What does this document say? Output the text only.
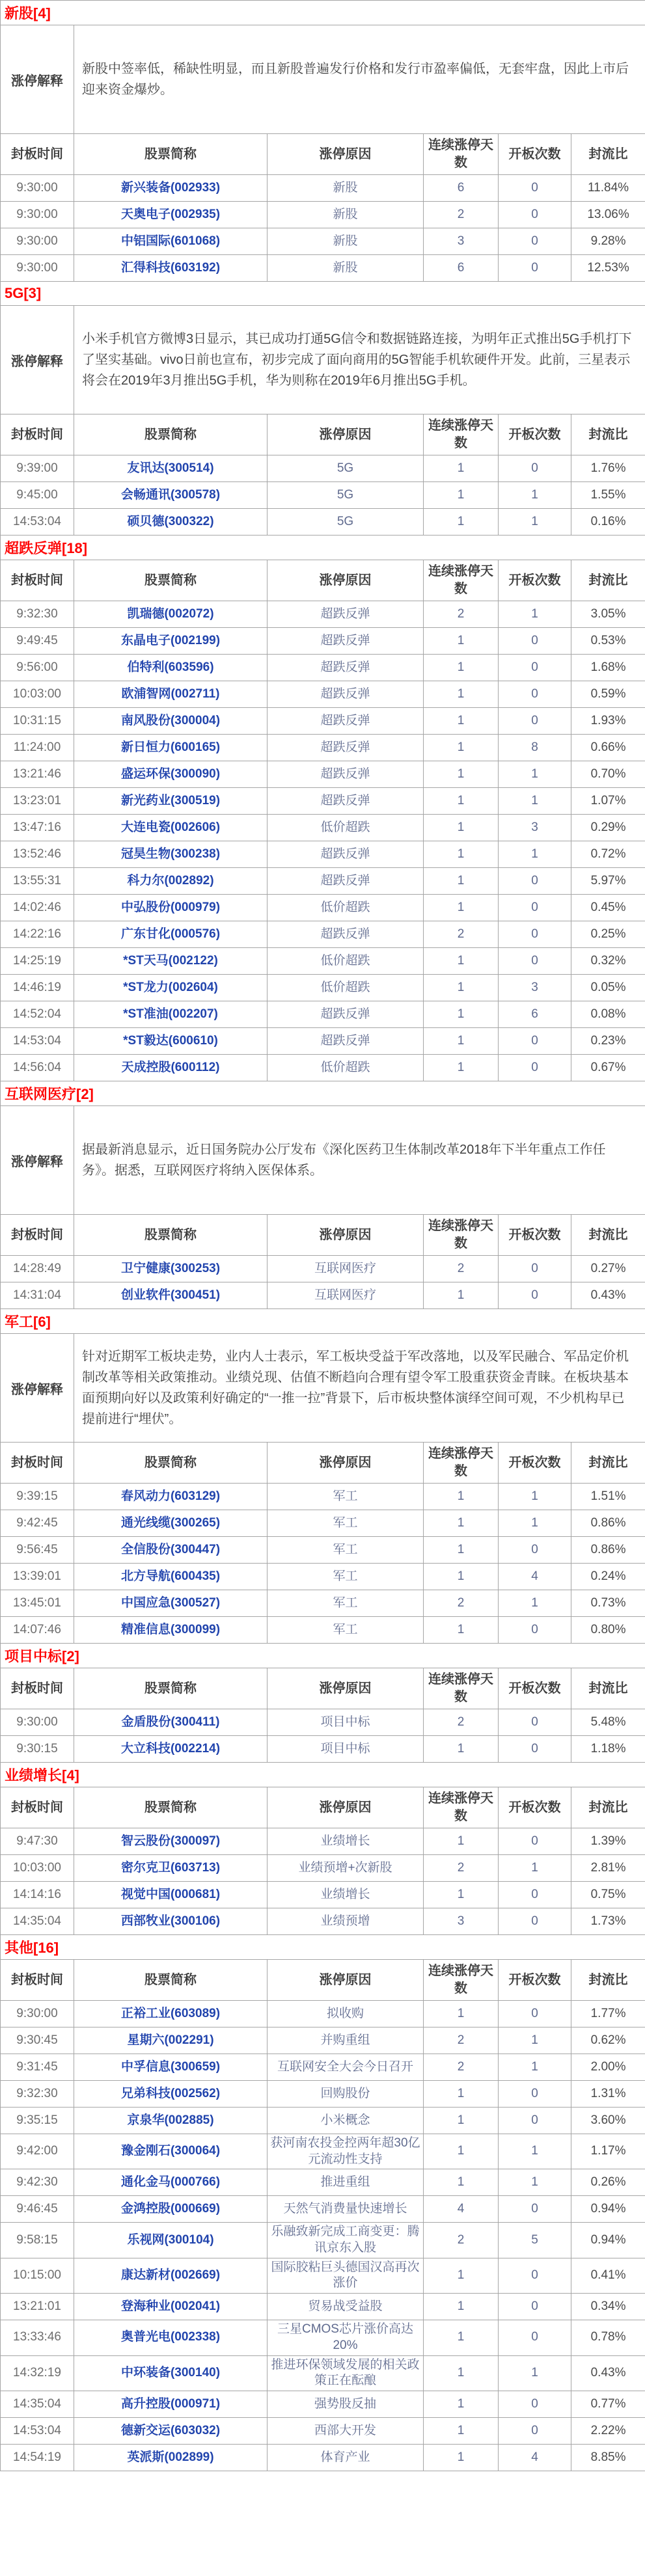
新股[4]					
涨停解释	新股中签率低，稀缺性明显，而且新股普遍发行价格和发行市盈率偏低，无套牢盘，因此上市后迎来资金爆炒。				
封板时间	股票简称	涨停原因	连续涨停天数	开板次数	封流比
9:30:00	新兴装备(002933)	新股	6	0	11.84%
9:30:00	天奥电子(002935)	新股	2	0	13.06%
9:30:00	中铝国际(601068)	新股	3	0	9.28%
9:30:00	汇得科技(603192)	新股	6	0	12.53%
5G[3]					
涨停解释	小米手机官方微博3日显示，其已成功打通5G信令和数据链路连接，为明年正式推出5G手机打下了坚实基础。vivo日前也宣布，初步完成了面向商用的5G智能手机软硬件开发。此前，三星表示将会在2019年3月推出5G手机，华为则称在2019年6月推出5G手机。				
封板时间	股票简称	涨停原因	连续涨停天数	开板次数	封流比
9:39:00	友讯达(300514)	5G	1	0	1.76%
9:45:00	会畅通讯(300578)	5G	1	1	1.55%
14:53:04	硕贝德(300322)	5G	1	1	0.16%
超跌反弹[18]					
封板时间	股票简称	涨停原因	连续涨停天数	开板次数	封流比
9:32:30	凯瑞德(002072)	超跌反弹	2	1	3.05%
9:49:45	东晶电子(002199)	超跌反弹	1	0	0.53%
9:56:00	伯特利(603596)	超跌反弹	1	0	1.68%
10:03:00	欧浦智网(002711)	超跌反弹	1	0	0.59%
10:31:15	南风股份(300004)	超跌反弹	1	0	1.93%
11:24:00	新日恒力(600165)	超跌反弹	1	8	0.66%
13:21:46	盛运环保(300090)	超跌反弹	1	1	0.70%
13:23:01	新光药业(300519)	超跌反弹	1	1	1.07%
13:47:16	大连电瓷(002606)	低价超跌	1	3	0.29%
13:52:46	冠昊生物(300238)	超跌反弹	1	1	0.72%
13:55:31	科力尔(002892)	超跌反弹	1	0	5.97%
14:02:46	中弘股份(000979)	低价超跌	1	0	0.45%
14:22:16	广东甘化(000576)	超跌反弹	2	0	0.25%
14:25:19	*ST天马(002122)	低价超跌	1	0	0.32%
14:46:19	*ST龙力(002604)	低价超跌	1	3	0.05%
14:52:04	*ST准油(002207)	超跌反弹	1	6	0.08%
14:53:04	*ST毅达(600610)	超跌反弹	1	0	0.23%
14:56:04	天成控股(600112)	低价超跌	1	0	0.67%
互联网医疗[2]					
涨停解释	据最新消息显示，近日国务院办公厅发布《深化医药卫生体制改革2018年下半年重点工作任务》。据悉，互联网医疗将纳入医保体系。				
封板时间	股票简称	涨停原因	连续涨停天数	开板次数	封流比
14:28:49	卫宁健康(300253)	互联网医疗	2	0	0.27%
14:31:04	创业软件(300451)	互联网医疗	1	0	0.43%
军工[6]					
涨停解释	针对近期军工板块走势，业内人士表示，军工板块受益于军改落地，以及军民融合、军品定价机制改革等相关政策推动。业绩兑现、估值不断趋向合理有望令军工股重获资金青睐。在板块基本面预期向好以及政策利好确定的“一推一拉”背景下，后市板块整体演绎空间可观，不少机构早已提前进行“埋伏”。				
封板时间	股票简称	涨停原因	连续涨停天数	开板次数	封流比
9:39:15	春风动力(603129)	军工	1	1	1.51%
9:42:45	通光线缆(300265)	军工	1	1	0.86%
9:56:45	全信股份(300447)	军工	1	0	0.86%
13:39:01	北方导航(600435)	军工	1	4	0.24%
13:45:01	中国应急(300527)	军工	2	1	0.73%
14:07:46	精准信息(300099)	军工	1	0	0.80%
项目中标[2]					
封板时间	股票简称	涨停原因	连续涨停天数	开板次数	封流比
9:30:00	金盾股份(300411)	项目中标	2	0	5.48%
9:30:15	大立科技(002214)	项目中标	1	0	1.18%
业绩增长[4]					
封板时间	股票简称	涨停原因	连续涨停天数	开板次数	封流比
9:47:30	智云股份(300097)	业绩增长	1	0	1.39%
10:03:00	密尔克卫(603713)	业绩预增+次新股	2	1	2.81%
14:14:16	视觉中国(000681)	业绩增长	1	0	0.75%
14:35:04	西部牧业(300106)	业绩预增	3	0	1.73%
其他[16]					
封板时间	股票简称	涨停原因	连续涨停天数	开板次数	封流比
9:30:00	正裕工业(603089)	拟收购	1	0	1.77%
9:30:45	星期六(002291)	并购重组	2	1	0.62%
9:31:45	中孚信息(300659)	互联网安全大会今日召开	2	1	2.00%
9:32:30	兄弟科技(002562)	回购股份	1	0	1.31%
9:35:15	京泉华(002885)	小米概念	1	0	3.60%
9:42:00	豫金刚石(300064)	获河南农投金控两年超30亿元流动性支持	1	1	1.17%
9:42:30	通化金马(000766)	推进重组	1	1	0.26%
9:46:45	金鸿控股(000669)	天然气消费量快速增长	4	0	0.94%
9:58:15	乐视网(300104)	乐融致新完成工商变更：腾讯京东入股	2	5	0.94%
10:15:00	康达新材(002669)	国际胶粘巨头德国汉高再次涨价	1	0	0.41%
13:21:01	登海种业(002041)	贸易战受益股	1	0	0.34%
13:33:46	奥普光电(002338)	三星CMOS芯片涨价高达20%	1	0	0.78%
14:32:19	中环装备(300140)	推进环保领域发展的相关政策正在酝酿	1	1	0.43%
14:35:04	高升控股(000971)	强势股反抽	1	0	0.77%
14:53:04	德新交运(603032)	西部大开发	1	0	2.22%
14:54:19	英派斯(002899)	体育产业	1	4	8.85%
